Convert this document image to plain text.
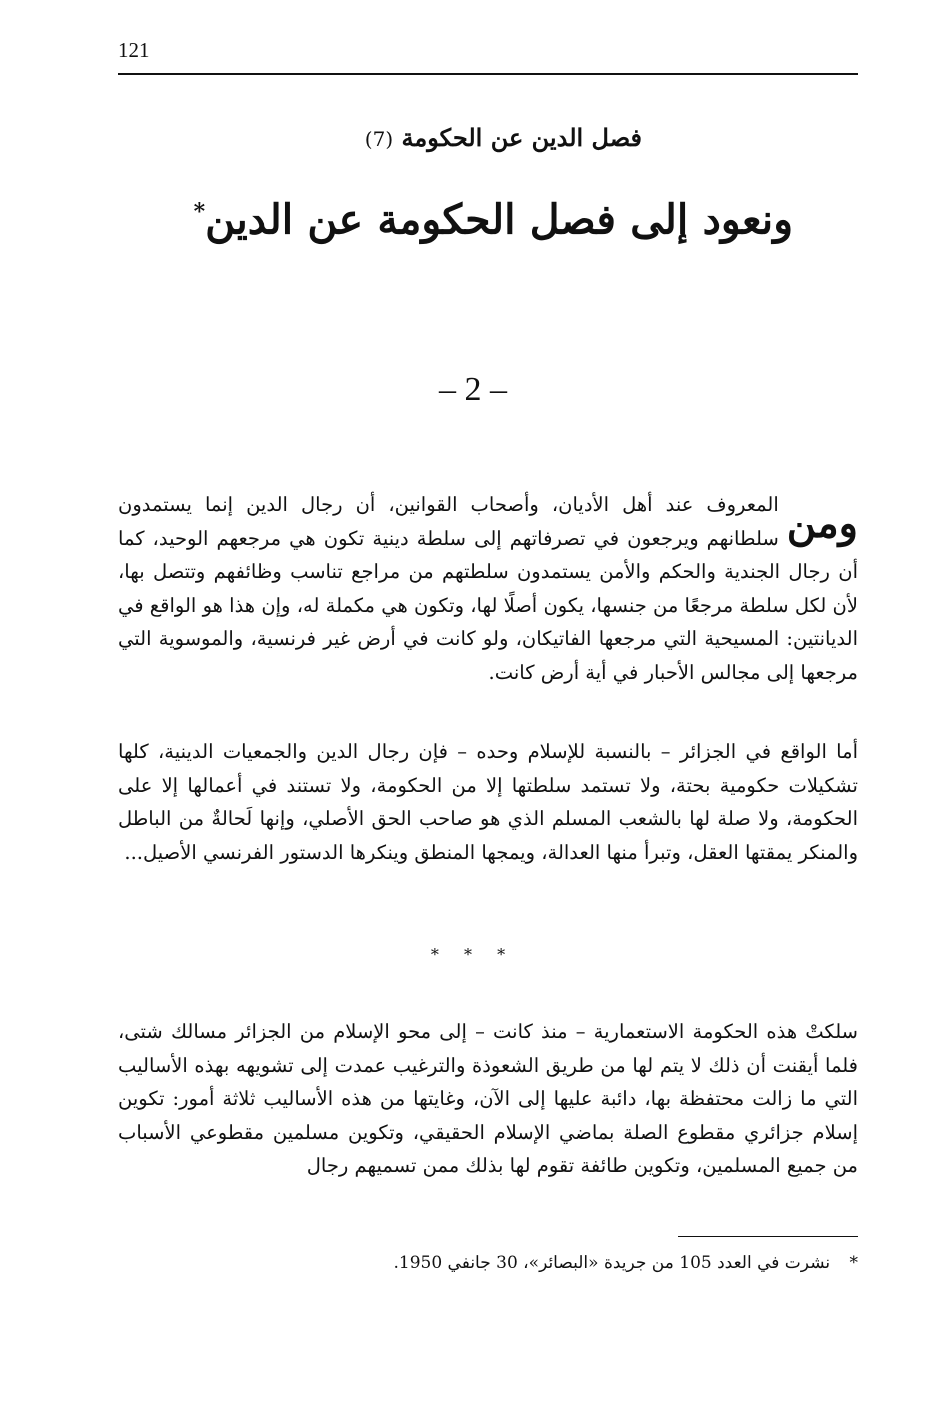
121
فصل الدين عن الحكومة (7)
ونعود إلى فصل الحكومة عن الدين*
– 2 –

ومن
المعروف عند أهل الأديان، وأصحاب القوانين، أن رجال الدين إنما يستمدون سلطانهم ويرجعون في تصرفاتهم إلى سلطة دينية تكون هي مرجعهم الوحيد، كما أن رجال الجندية والحكم والأمن يستمدون سلطتهم من مراجع تناسب وظائفهم وتتصل بها، لأن لكل سلطة مرجعًا من جنسها، يكون أصلًا لها، وتكون هي مكملة له، وإن هذا هو الواقع في الديانتين: المسيحية التي مرجعها الفاتيكان، ولو كانت في أرض غير فرنسية، والموسوية التي مرجعها إلى مجالس الأحبار في أية أرض كانت.

أما الواقع في الجزائر – بالنسبة للإسلام وحده – فإن رجال الدين والجمعيات الدينية، كلها تشكيلات حكومية بحتة، ولا تستمد سلطتها إلا من الحكومة، ولا تستند في أعمالها إلا على الحكومة، ولا صلة لها بالشعب المسلم الذي هو صاحب الحق الأصلي، وإنها لَحالةٌ من الباطل والمنكر يمقتها العقل، وتبرأ منها العدالة، ويمجها المنطق وينكرها الدستور الفرنسي الأصيل...

* * *

سلكتْ هذه الحكومة الاستعمارية – منذ كانت – إلى محو الإسلام من الجزائر مسالك شتى، فلما أيقنت أن ذلك لا يتم لها من طريق الشعوذة والترغيب عمدت إلى تشويهه بهذه الأساليب التي ما زالت محتفظة بها، دائبة عليها إلى الآن، وغايتها من هذه الأساليب ثلاثة أمور: تكوين إسلام جزائري مقطوع الصلة بماضي الإسلام الحقيقي، وتكوين مسلمين مقطوعي الأسباب من جميع المسلمين، وتكوين طائفة تقوم لها بذلك ممن تسميهم رجال

* نشرت في العدد 105 من جريدة «البصائر»، 30 جانفي 1950.
